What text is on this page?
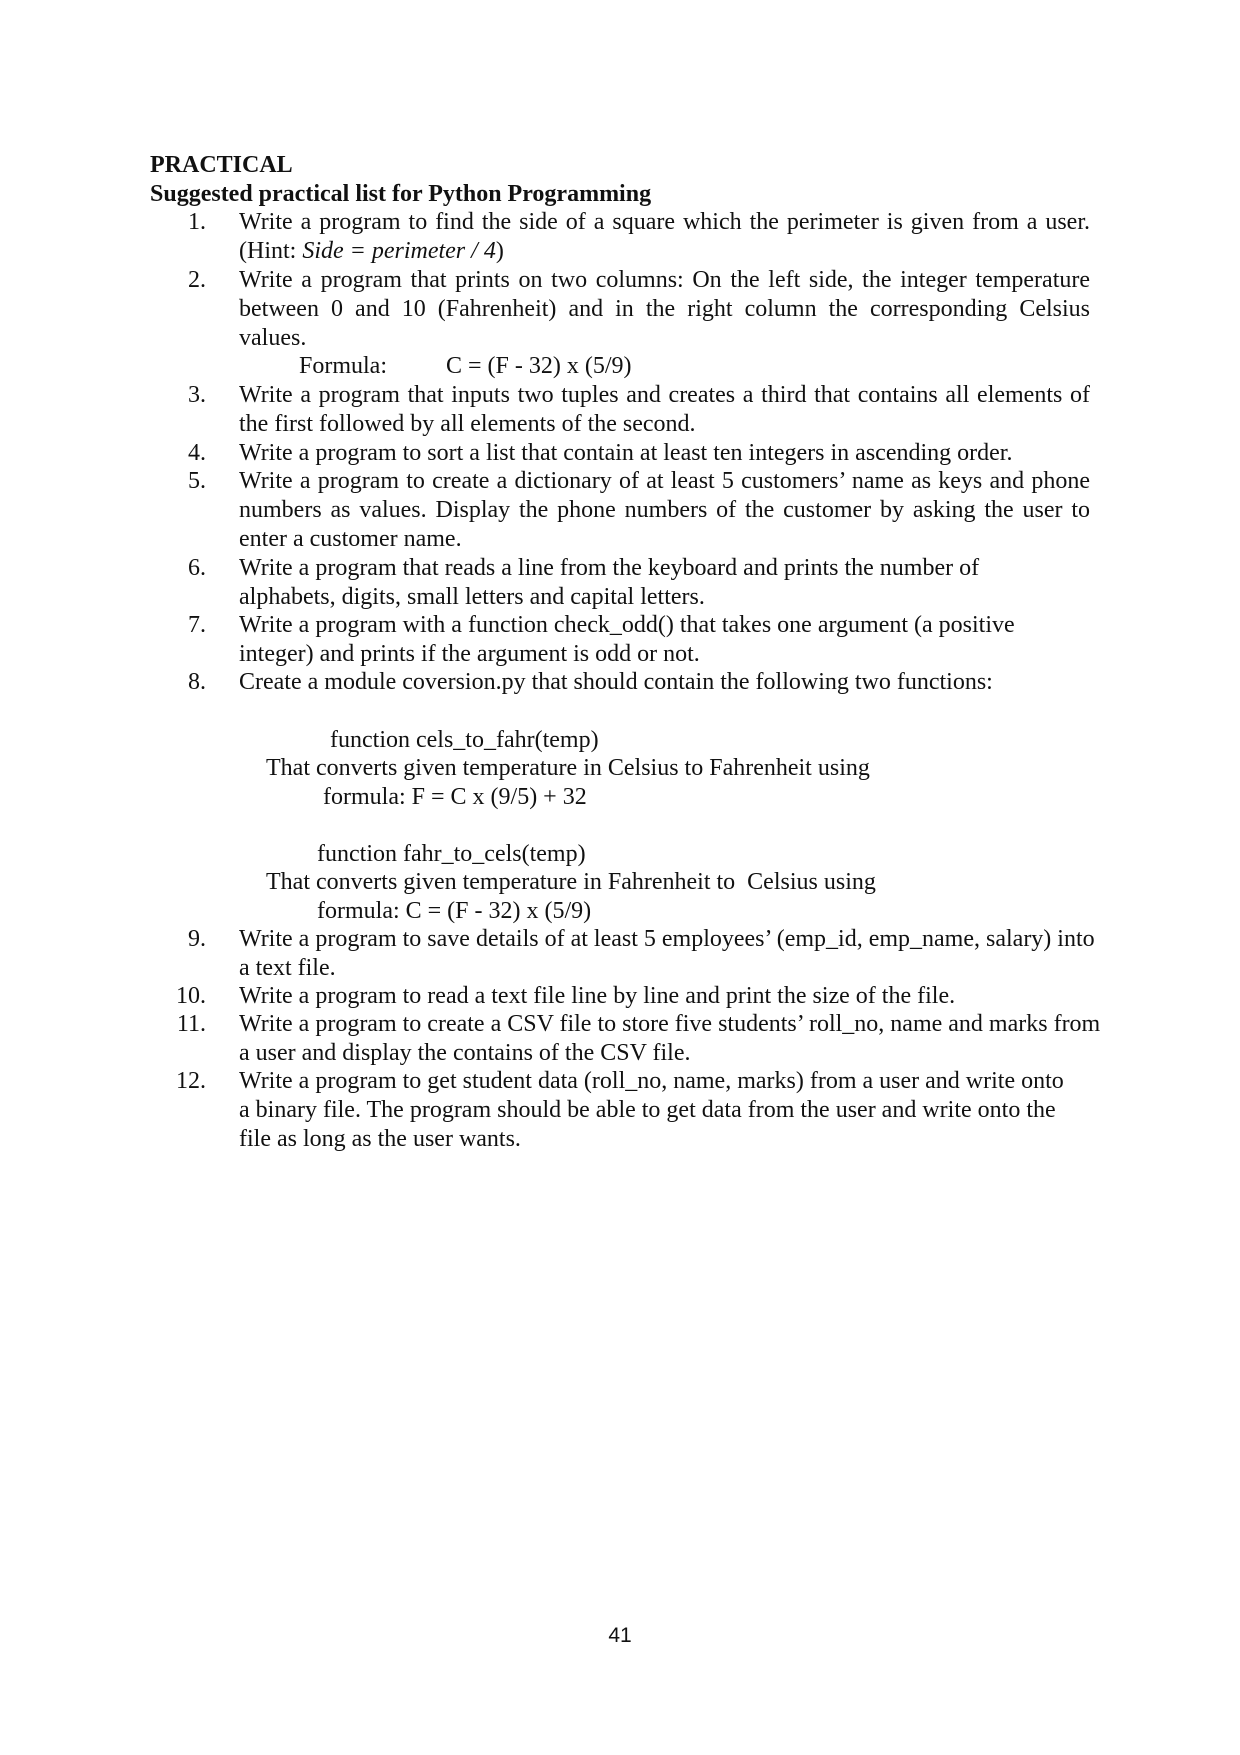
PRACTICAL
Suggested practical list for Python Programming
1. Write a program to find the side of a square which the perimeter is given from a user. (Hint: Side = perimeter / 4)
2. Write a program that prints on two columns: On the left side, the integer temperature between 0 and 10 (Fahrenheit) and in the right column the corresponding Celsius values.
Formula: C = (F - 32) x (5/9)
3. Write a program that inputs two tuples and creates a third that contains all elements of the first followed by all elements of the second.
4. Write a program to sort a list that contain at least ten integers in ascending order.
5. Write a program to create a dictionary of at least 5 customers’ name as keys and phone numbers as values. Display the phone numbers of the customer by asking the user to enter a customer name.
6. Write a program that reads a line from the keyboard and prints the number of alphabets, digits, small letters and capital letters.
7. Write a program with a function check_odd() that takes one argument (a positive integer) and prints if the argument is odd or not.
8. Create a module coversion.py that should contain the following two functions:
function cels_to_fahr(temp)
That converts given temperature in Celsius to Fahrenheit using
formula: F = C x (9/5) + 32
function fahr_to_cels(temp)
That converts given temperature in Fahrenheit to  Celsius using
formula: C = (F - 32) x (5/9)
9. Write a program to save details of at least 5 employees’ (emp_id, emp_name, salary) into a text file.
10. Write a program to read a text file line by line and print the size of the file.
11. Write a program to create a CSV file to store five students’ roll_no, name and marks from a user and display the contains of the CSV file.
12. Write a program to get student data (roll_no, name, marks) from a user and write onto a binary file. The program should be able to get data from the user and write onto the file as long as the user wants.
41
